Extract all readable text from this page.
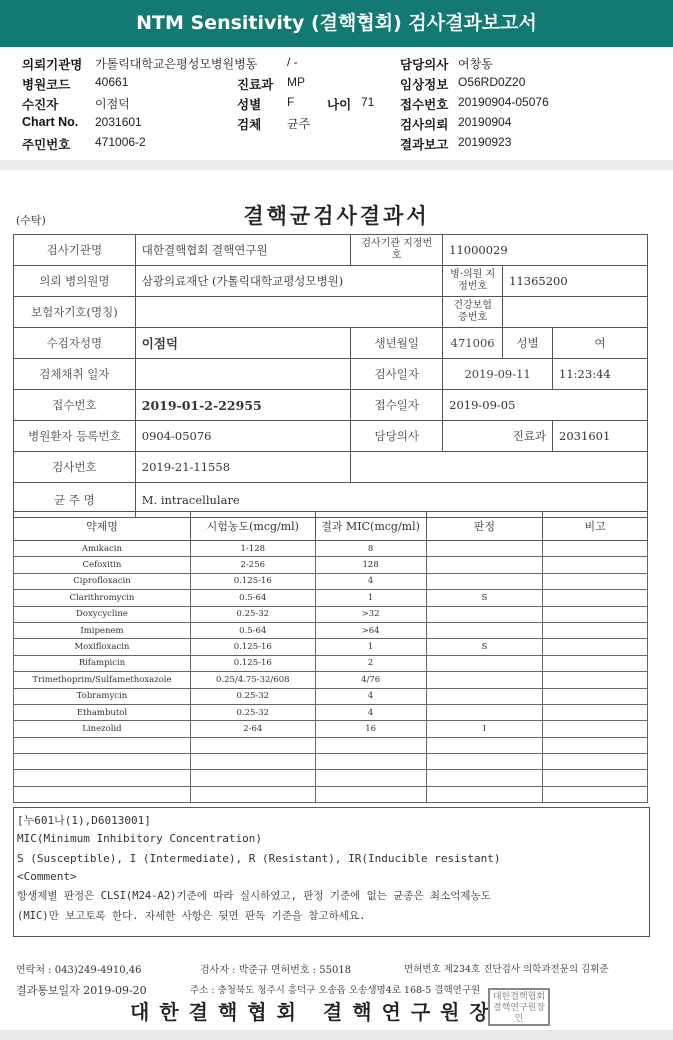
NTM Sensitivity (결핵협회) 검사결과보고서
의뢰기관명 가톨릭대학교은평성모병원병동 / -	담당의사 여창동
병원코드 40661	진료과 MP	임상정보 O56RD0Z20
수진자	이점덕	성별 F	나이 71 접수번호 20190904-05076
Chart No. 2031601	검체 균주	검사의뢰 20190904
주민번호 471006-2	결과보고 20190923
(수탁)	결핵균검사결과서
검사기관명	대한결핵협회 결핵연구원	검사기관 지정번호	11000029		
의뢰 병의원명	삼광의료재단 (가톨릭대학교평성모병원)		병·의원 지정번호	11365200	
보험자기호(명칭)			건강보험 증번호		
수검자성명	이점덕	생년월일	471006	성별	여
검체채취 일자		검사일자	2019-09-11		11:23:44
접수번호	2019-01-2-22955	접수일자	2019-09-05		
병원환자 등록번호	0904-05076	담당의사	진료과		2031601
검사번호	2019-21-11558				
균 주 명	M. intracellulare				
약제명	시험농도(mcg/ml)	결과 MIC(mcg/ml)	판정	비고
Amikacin	1-128	8		
Cefoxitin	2-256	128		
Ciprofloxacin	0.125-16	4		
Clarithromycin	0.5-64	1	S	
Doxycycline	0.25-32	>32		
Imipenem	0.5-64	>64		
Moxifloxacin	0.125-16	1	S	
Rifampicin	0.125-16	2		
Trimethoprim/Sulfamethoxazole	0.25/4.75-32/608	4/76		
Tobramycin	0.25-32	4		
Ethambutol	0.25-32	4		
Linezolid	2-64	16	I	

[누601나(1),D6013001]
MIC(Minimum Inhibitory Concentration)
S (Susceptible), I (Intermediate), R (Resistant), IR(Inducible resistant)
<Comment>
항생제별 판정은 CLSI(M24-A2)기준에 따라 실시하였고, 판정 기준에 없는 균종은 최소억제농도
(MIC)만 보고토록 한다. 자세한 사항은 뒷면 판독 기준을 참고하세요.
연락처 : 043)249-4910,46	검사자 : 박준규 면허번호 : 55018	면허번호 제234호 진단검사 의학과전문의 김휘준
결과통보일자 2019-09-20	주소 : 충청북도 청주시 흥덕구 오송읍 오송생명4로 168-5 결핵연구원
대한결핵협회 결핵연구원장
대한결핵협회결핵연구원장인
